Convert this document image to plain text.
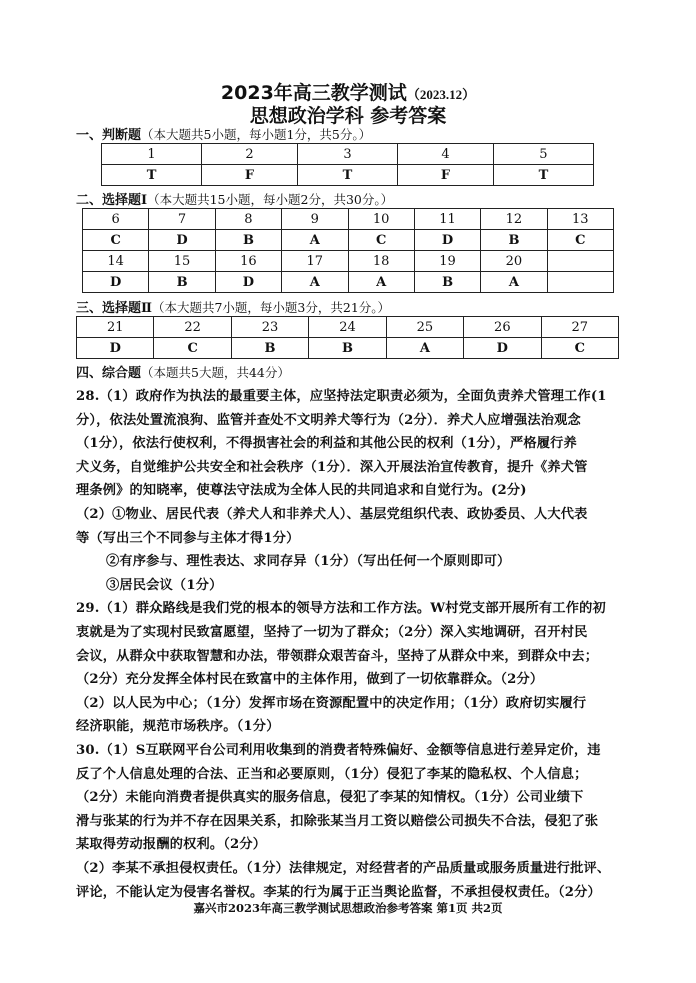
2023年高三教学测试（2023.12）
思想政治学科 参考答案
一、判断题（本大题共5小题，每小题1分，共5分。）
1	2	3	4	5
T	F	T	F	T
二、选择题Ⅰ（本大题共15小题，每小题2分，共30分。）
6	7	8	9	10	11	12	13
C	D	B	A	C	D	B	C
14	15	16	17	18	19	20	
D	B	D	A	A	B	A	
三、选择题Ⅱ（本大题共7小题，每小题3分，共21分。）
21	22	23	24	25	26	27
D	C	B	B	A	D	C
四、综合题（本题共5大题，共44分）
28.（1）政府作为执法的最重要主体，应坚持法定职责必须为，全面负责养犬管理工作(1
分），依法处置流浪狗、监管并查处不文明养犬等行为（2分）．养犬人应增强法治观念
（1分），依法行使权利，不得损害社会的利益和其他公民的权利（1分），严格履行养
犬义务，自觉维护公共安全和社会秩序（1分）．深入开展法治宣传教育，提升《养犬管
理条例》的知晓率，使尊法守法成为全体人民的共同追求和自觉行为。(2分)
（2）①物业、居民代表（养犬人和非养犬人）、基层党组织代表、政协委员、人大代表
等（写出三个不同参与主体才得1分）
②有序参与、理性表达、求同存异（1分）（写出任何一个原则即可）
③居民会议（1分）
29.（1）群众路线是我们党的根本的领导方法和工作方法。W村党支部开展所有工作的初
衷就是为了实现村民致富愿望，坚持了一切为了群众；（2分）深入实地调研，召开村民
会议，从群众中获取智慧和办法，带领群众艰苦奋斗，坚持了从群众中来，到群众中去；
（2分）充分发挥全体村民在致富中的主体作用，做到了一切依靠群众。（2分）
（2）以人民为中心；（1分）发挥市场在资源配置中的决定作用；（1分）政府切实履行
经济职能，规范市场秩序。（1分）
30.（1）S互联网平台公司利用收集到的消费者特殊偏好、金额等信息进行差异定价，违
反了个人信息处理的合法、正当和必要原则，（1分）侵犯了李某的隐私权、个人信息；
（2分）未能向消费者提供真实的服务信息，侵犯了李某的知情权。（1分）公司业绩下
滑与张某的行为并不存在因果关系，扣除张某当月工资以赔偿公司损失不合法，侵犯了张
某取得劳动报酬的权利。（2分）
（2）李某不承担侵权责任。（1分）法律规定，对经营者的产品质量或服务质量进行批评、
评论，不能认定为侵害名誉权。李某的行为属于正当舆论监督，不承担侵权责任。（2分）
嘉兴市2023年高三教学测试思想政治参考答案 第1页 共2页
